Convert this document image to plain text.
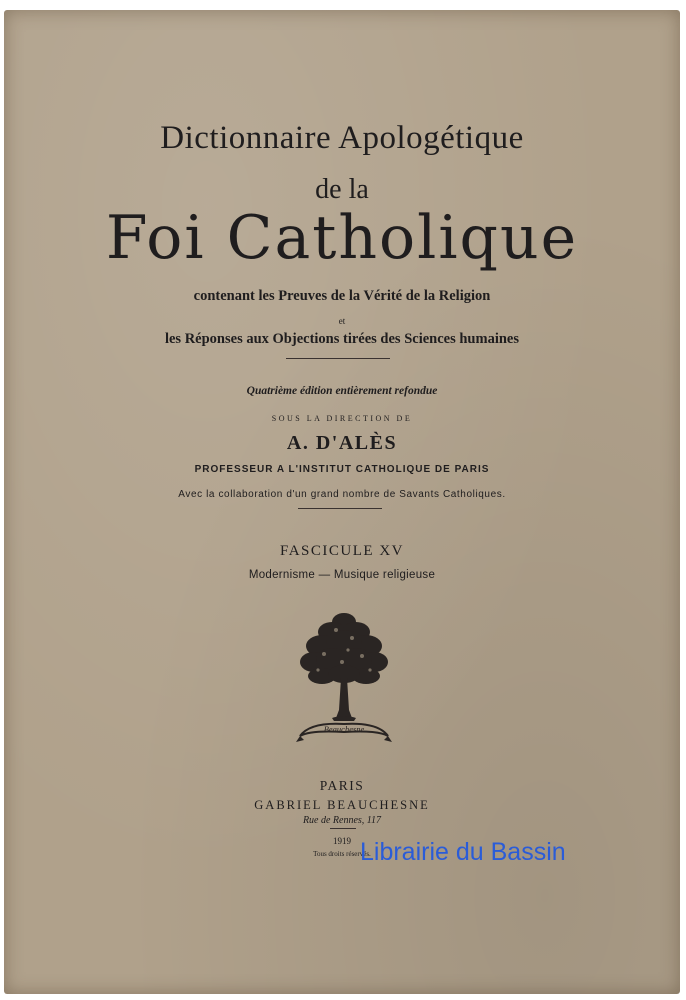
Dictionnaire Apologétique
de la
Foi Catholique
contenant les Preuves de la Vérité de la Religion
et
les Réponses aux Objections tirées des Sciences humaines
Quatrième édition entièrement refondue
SOUS LA DIRECTION DE
A. D'ALÈS
PROFESSEUR A L'INSTITUT CATHOLIQUE DE PARIS
Avec la collaboration d'un grand nombre de Savants Catholiques.
FASCICULE XV
Modernisme — Musique religieuse
Beauchesne
PARIS
GABRIEL BEAUCHESNE
Rue de Rennes, 117
1919
Tous droits réservés.
Librairie du Bassin
